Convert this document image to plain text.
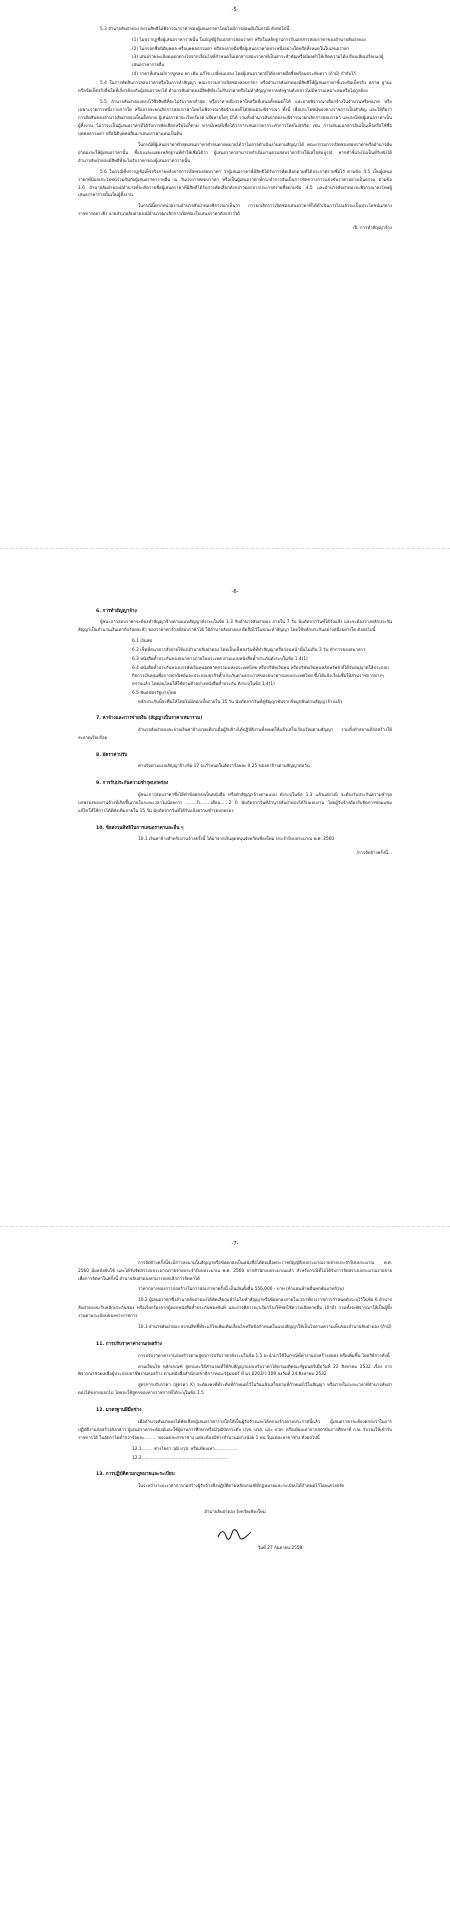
-5-

5.3 อำนาจลับฝ่าดอง สงวนสิทธิไม่พิจารณาราคาของผู้เสนอราคาโดยไม่มีการผ่อนผันในกรณี ดังต่อไปนี้

(1) ไม่ปรากฏชื่อผู้เสนอราคารายนั้น ในบัญชีผู้รับเอกสารสอบราคา หรือในหลักฐานการรับเอกสารสอบราคาของอำนาจลับฝ่าดอง

(2) ไม่กรอกชื่อนิติบุคคล หรือบุคคลธรรมดา หรือลงลายมือชื่อผู้เสนอราคาอย่างหนึ่งอย่างใดหรือทั้งหมดในใบเสนอราคา

(3) เสนอรายละเอียดแตกต่างไปจากเงื่อนไขที่กำหนดในเอกสารสอบราคาที่เป็นสาระสำคัญหรือมีผลทำให้เกิดความได้เปรียบเสียเปรียบแก่ผู้เสนอราคารายอื่น

(4) ราคาที่เสนอมีการขูดลบ ลก เติม แก้ไข เปลี่ยนแปลง โดยผู้เสนอราคามิได้ลงลายมือชื่อพร้อมประทับตรา (ถ้ามี) กำกับไว้

5.4 ในการตัดสินการสอบราคาหรือในการทำสัญญา คณะกรรมการเปิดซองสอบราคา หรืออำนาจลับฝ่าดองมีสิทธิให้ผู้เสนอราคาชี้แจงข้อเท็จจริง สภาพ ฐานะ หรือข้อเท็จจริงอื่นใดที่เกี่ยวข้องกับผู้เสนอราคาได้ อำนาจลับฝ่าดองมีสิทธิที่จะไม่รับราคาหรือไม่ทำสัญญาหากหลักฐานดังกล่าวไม่มีความเหมาะสมหรือไม่ถูกต้อง

5.5 อำนาจลับฝ่าดองทรงไว้ซึ่งสิทธิที่จะไม่รับราคาต่ำสุด หรือราคาหนึ่งราคาใดหรือที่เสนอทั้งหมดก็ได้ และอาจพิจารณาเลือกจ้างในจำนวนหรือขนาด หรือเฉพาะรายการหนึ่งรายการใด หรืออาจจะยกเลิกการสอบราคาโดยไม่พิจารณาจัดจ้างเลยก็ได้สุดแต่จะพิจารณา ทั้งนี้ เพื่อประโยชน์ของทางราชการเป็นสำคัญ และให้ถือว่าการตัดสินของอำนาจลับฝ่าดองเป็นเด็ดขาด ผู้เสนอราคาจะเรียกร้องค่าเสียหายใดๆ มิได้ รวมทั้งอำนาจลับฝ่าดองจะพิจารณายกเลิกการสอบราคา และลงโทษผู้เสนอราคาเป็นผู้ทิ้งงาน ไม่ว่าจะเป็นผู้เสนอราคาที่ได้รับการคัดเลือกหรือไม่ก็ตาม หากมีเหตุที่เชื่อได้ว่าการเสนอราคากระทำการโดยไม่สุจริต เช่น การเสนอเอกสารอันเป็นเท็จหรือใช้ชื่อบุคคลธรรมดา หรือนิติบุคคลอื่นมาเสนอราคาแทนเป็นต้น

ในกรณีที่ผู้เสนอราคาต่ำสุดเสนอราคาต่ำจนคาดหมายได้ว่าไม่อาจดำเนินงานตามสัญญาได้ คณะกรรมการเปิดซองสอบราคาหรืออำนาจลับฝ่าดองจะให้ผู้เสนอราคานั้น ชี้แจงและแสดงหลักฐานที่ทำให้เชื่อได้ว่า ผู้เสนอราคาสามารถดำเนินงานตามสอบราคาจ้างให้เสร็จสมบูรณ์ หากคำชี้แจงไม่เป็นที่รับฟังได้ อำนาจลับฝ่าดองมีสิทธิที่จะไม่รับราคาของผู้เสนอราคารายนั้น

5.6 ในกรณีที่ปรากฏข้อเท็จจริงภายหลังจากการเปิดซองสอบราคา ว่าผู้เสนอราคาที่มีสิทธิได้รับการคัดเลือกตามที่ได้ประกาศรายชื่อไว้ ตามข้อ 4.5 เป็นผู้เสนอราคาที่มีผลประโยชน์ร่วมกันกับผู้เสนอราคารายอื่น ณ วันประกาศสอบราคา หรือเป็นผู้เสนอราคาที่กระทำการอันเป็นการขัดขวางการแข่งขันราคาอย่างเป็นธรรม ตามข้อ 1.6 อำนาจลับฝ่าดองมีอำนาจที่จะตัดรายชื่อผู้เสนอราคาที่มีสิทธิได้รับการคัดเลือกดังกล่าวออกจากประกาศรายชื่อตามข้อ 4.5 และอำนาจลับฝ่าดองจะพิจารณาลงโทษผู้เสนอราคารายนั้นเป็นผู้ทิ้งงาน

ในกรณีนี้หากหน่วยงานอำนาจลับฝ่าดองพิจารณาเห็นว่า การยกเลิกการเปิดซองเสนอราคาที่ได้ดำเนินการไปแล้วจะเป็นประโยชน์แก่ทางราชการอย่างยิ่ง นายอำเภอลับฝ่าดองมีอำนาจยกเลิกการเปิดซองใบเสนอราคาดังกล่าวได้

/6. การทำสัญญาจ้าง
-6-
6. การทำสัญญาจ้าง

ผู้ชนะการสอบราคาจะต้องทำสัญญาจ้างตามแบบสัญญาดังระบุในข้อ 1.3 กับอำนาจลับฝ่าดอง ภายใน 7 วัน นับถัดจากวันที่ได้รับแจ้ง และจะต้องวางหลักประกันสัญญาเป็นจำนวนเงินเท่ากับร้อยละห้า ของราคาค่าจ้างที่สอบราคาได้ ให้อำนาจลับฝ่าดอง ยึดถือไว้ในขณะทำสัญญา โดยใช้หลักประกันอย่างหนึ่งอย่างใด ดังต่อไปนี้

6.1 เงินสด

6.2 เช็คที่ธนาคารสั่งจ่ายให้แก่อำนาจลับฝ่าดอง โดยเป็นเช็คลงวันที่ที่ทำสัญญาหรือก่อนหน้านั้นไม่เกิน 3 วัน ทำการของธนาคาร

6.3 หนังสือค้ำประกันของธนาคารภายในประเทศ ตามแบบหนังสือค้ำประกันดังระบุในข้อ 1.4(1)

6.4 หนังสือค้ำประกันของบรรษัทเงินทุนอุตสาหกรรมแห่งประเทศไทย หรือบริษัทเงินทุน หรือบริษัทเงินทุนหลักทรัพย์ ที่ได้รับอนุญาตให้ประกอบกิจการเงินทุนเพื่อการพาณิชย์และประกอบธุรกิจค้ำประกันตามประกาศของธนาคารแห่งประเทศไทย ซึ่งได้แจ้งเวียนชื่อให้ส่วนราชการต่างๆ ทราบแล้ว โดยอนุโลมให้ใช้ตามตัวอย่างหนังสือค้ำประกัน ดังระบุในข้อ 1.4(1)

6.5 พันธบัตรรัฐบาลไทย

หลักประกันนี้จะคืนให้โดยไม่มีดอกเบี้ยภายใน 15 วัน นับถัดจากวันที่คู่สัญญาพ้นจากข้อผูกพันตามสัญญาจ้างแล้ว

7. ค่าจ้างและการจ่ายเงิน (สัญญาเป็นราคาเหมารวม)

อำนาจลับฝ่าดองจะจ่ายเงินค่าจ้างงวดเดียวเมื่อผู้รับจ้างได้ปฏิบัติงานทั้งหมดให้แล้วเสร็จเรียบร้อยตามสัญญา รวมทั้งทำสถานที่ก่อสร้างให้สะอาดเรียบร้อย

8. อัตราค่าปรับ

ค่าปรับตามแบบสัญญาจ้างข้อ 17 จะกำหนดในอัตราร้อยละ 0.25 ของค่าจ้างตามสัญญาต่อวัน

9. การรับประกันความชำรุดบกพร่อง

ผู้ชนะการสอบราคาซึ่งได้ทำข้อตกลงเป็นหนังสือ หรือทำสัญญาจ้างตามแบบ ดังระบุในข้อ 1.3 แล้วแต่กรณี จะต้องรับประกันความชำรุดบกพร่องของงานจ้างที่เกิดขึ้นภายในระยะเวลาไม่น้อยกว่า ........ปี........เดือน......2 ปี นับถัดจากวันที่อำนาจลับฝ่าดองได้รับมอบงาน โดยผู้รับจ้างต้องรีบจัดการซ่อมแซมแก้ไขให้ใช้การได้ดีดังเดิมภายใน 15 วัน นับถัดจากวันที่ได้รับแจ้งความชำรุดบกพร่อง

10. ข้อสงวนสิทธิในการเสนอราคาและอื่น ๆ

10.1 เงินค่าจ้างสำหรับงานจ้างครั้งนี้ ได้มาจากเงินอุดหนุนจังหวัดเชียงใหม่ ประจำปีงบประมาณ พ.ศ. 2560

/การจัดจ้างครั้งนี้...
-7-

การจัดจ้างครั้งนี้จะมีการลงนามในสัญญาหรือข้อตกลงเป็นหนังสือได้ต่อเมื่อพระราชบัญญัติงบประมาณรายจ่ายประจำปีงบประมาณ พ.ศ. 2560 มีผลบังคับใช้ และได้รับจัดสรรงบประมาณรายจ่ายประจำปีงบประมาณ พ.ศ. 2560 จากสำนักงบประมาณแล้ว สำหรับกรณีที่ไม่ได้รับการจัดสรรงบประมาณรายจ่ายเพื่อการจัดหาในครั้งนี้ อำนาจลับฝ่าดองสามารถยกเลิกการจัดหาได้

ราคากลางของการก่อสร้างในการสอบราคาครั้งนี้ เป็นเงินทั้งสิ้น 556,000.- บาท (ห้าแสนห้าหมื่นหกพันบาทถ้วน)

10.2 ผู้เสนอราคาซึ่งอำนาจลับฝ่าดองได้คัดเลือกแล้วไม่ไปทำสัญญาหรือข้อตกลงภายในเวลาที่ทางราชการกำหนดดังระบุไว้ในข้อ 6 อำนาจลับฝ่าดองจะริบหลักประกันซอง หรือเรียกร้องจากผู้ออกหนังสือค้ำประกันซองทันที และอาจพิจารณาเรียกร้องให้ชดใช้ความเสียหายอื่น (ถ้ามี) รวมทั้งจะพิจารณาให้เป็นผู้ทิ้งงานตามระเบียบของทางราชการ

10.3 อำนาจลับฝ่าดอง สงวนสิทธิ์ที่จะแก้ไขเพิ่มเติมเงื่อนไขหรือข้อกำหนดในแบบสัญญาให้เป็นไปตามความเห็นของอำนาจลับฝ่าดอง (ถ้ามี)

11. การปรับราคาค่างานก่อสร้าง

การปรับราคาค่างานก่อสร้างตามสูตรการปรับราคาดังระบุในข้อ 1.5 จะนำมาใช้ในกรณีที่ค่างานก่อสร้างลดลง หรือเพิ่มขึ้น โดยวิธีการดังนี้

ตามเงื่อนไข หลักเกณฑ์ สูตรและวิธีคำนวณที่ใช้กับสัญญาแบบปรับราคาได้ตามมติคณะรัฐมนตรีเมื่อวันที่ 22 สิงหาคม 2532 เรื่อง การพิจารณาช่วยเหลือผู้ประกอบอาชีพงานก่อสร้าง ตามหนังสือสำนักเลขาธิการคณะรัฐมนตรี ที่ นร 0203/ว 109 ลงวันที่ 24 สิงหาคม 2532

สูตรการปรับราคา (สูตรค่า K) จะต้องคงที่ที่ระดับที่กำหนดไว้ในวันแล้วเสร็จตามที่กำหนดไว้ในสัญญา หรือภายในระยะเวลาที่อำนาจลับฝ่าดองได้ขยายออกไป โดยจะใช้สูตรของทางราชการที่ได้ระบุในข้อ 1.5

12. มาตรฐานฝีมือช่าง

เมื่ออำนาจลับฝ่าดองได้คัดเลือกผู้เสนอราคารายใดให้เป็นผู้รับจ้างและได้ตกลงจ้างตามประกาศนี้แล้ว ผู้เสนอราคาจะต้องตกลงว่าในการปฏิบัติงานก่อสร้างดังกล่าว ผู้เสนอราคาจะต้องมีและใช้ผู้ผ่านการศึกษาหรือมีวุฒิบัตรระดับ ปวช. ปวส. และ ปวท. หรือเทียบเท่าจากสถาบันการศึกษาที่ ก.พ. รับรองให้เข้ารับราชการได้ ในอัตราไม่ต่ำกว่าร้อยละ......... ของแต่ละสาขาช่าง แต่จะต้องมีช่างจำนวนอย่างน้อย 1 คน ในแต่ละสาขาช่าง ดังต่อไปนี้

12.1.........ช่างโยธา วุฒิ ปวส. หรือเทียบเท่า.................

12.2................................................................

13. การปฏิบัติตามกฎหมายและระเบียบ

ในระหว่างระยะเวลาการก่อสร้างผู้รับจ้างพึงปฏิบัติตามหลักเกณฑ์ที่กฎหมายและระเบียบได้กำหนดไว้โดยเคร่งครัด

อำนาจลับฝ่าดอง จังหวัดเชียงใหม่
วันที่ 27 กันยายน 2559
